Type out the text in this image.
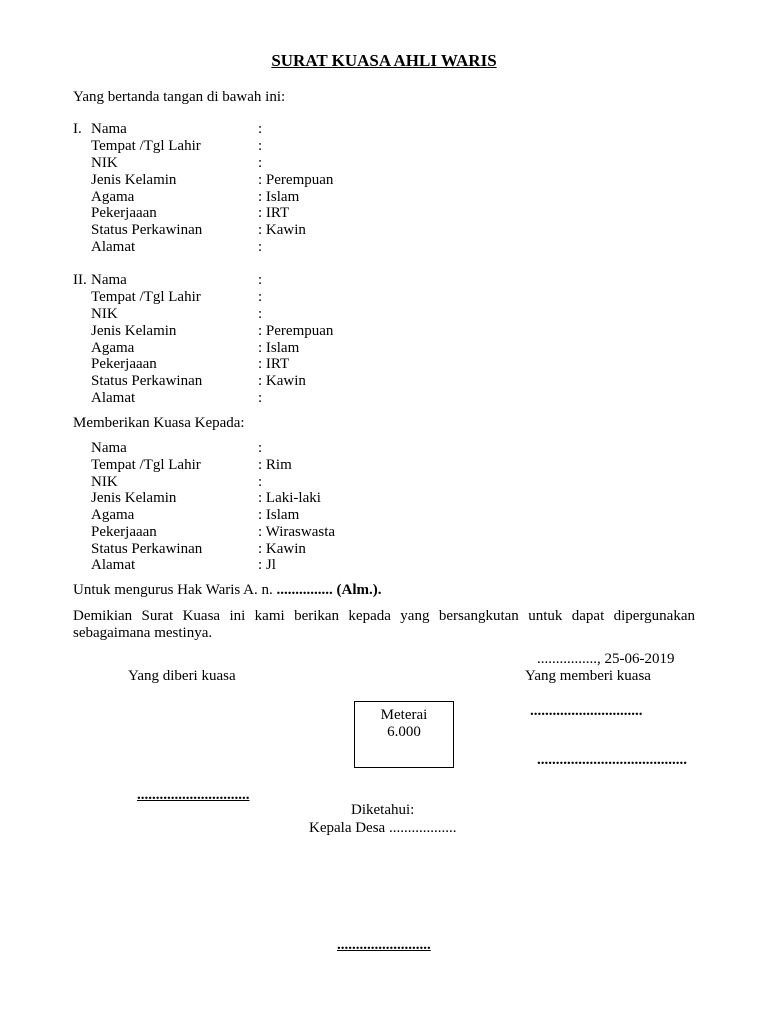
SURAT KUASA AHLI WARIS
Yang bertanda tangan di bawah ini:
I. Nama	:
Tempat /Tgl Lahir	:
NIK	:
Jenis Kelamin	: Perempuan
Agama	: Islam
Pekerjaaan	: IRT
Status Perkawinan	: Kawin
Alamat	:
II. Nama	:
Tempat /Tgl Lahir	:
NIK	:
Jenis Kelamin	: Perempuan
Agama	: Islam
Pekerjaaan	: IRT
Status Perkawinan	: Kawin
Alamat	:
Memberikan Kuasa Kepada:
Nama	:
Tempat /Tgl Lahir	: Rim
NIK	:
Jenis Kelamin	: Laki-laki
Agama	: Islam
Pekerjaaan	: Wiraswasta
Status Perkawinan	: Kawin
Alamat	: Jl
Untuk mengurus Hak Waris A. n. ............... (Alm.).
Demikian Surat Kuasa ini kami berikan kepada yang bersangkutan untuk dapat dipergunakan sebagaimana mestinya.
................, 25-06-2019
Yang diberi kuasa	Yang memberi kuasa
Meterai
6.000
..............................
........................................
..............................
Diketahui:
Kepala Desa ..................
.........................
